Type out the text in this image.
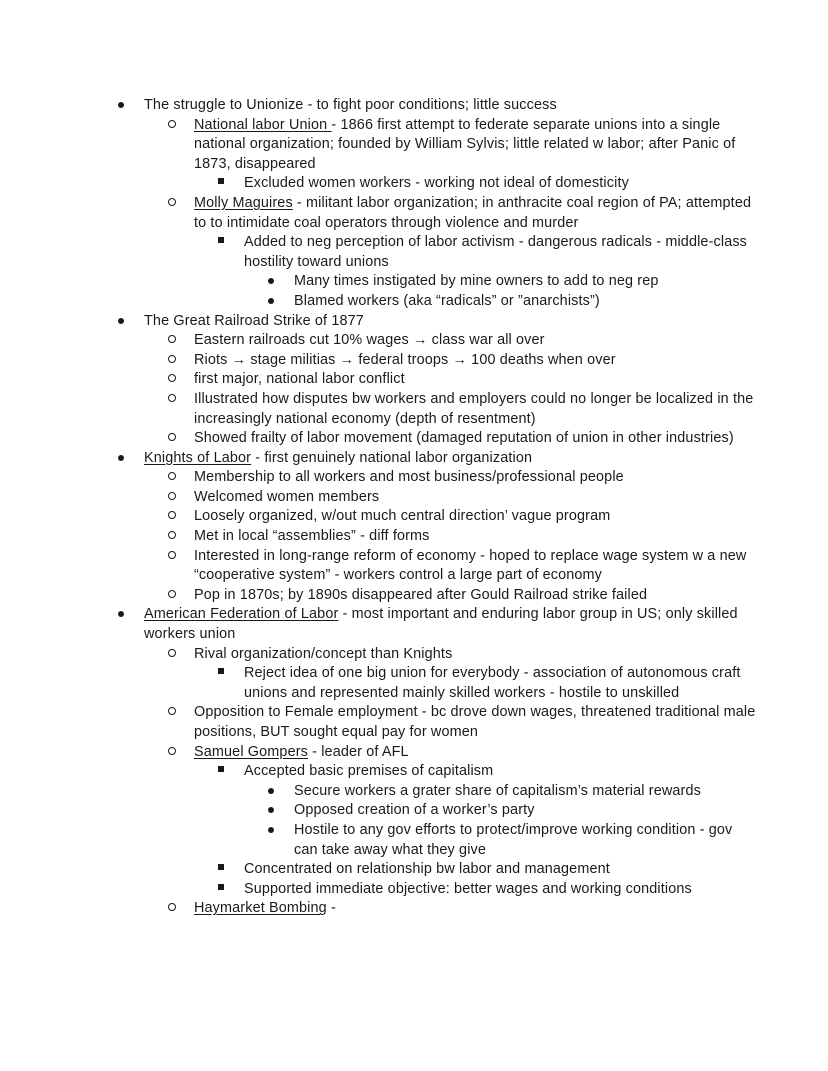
The struggle to Unionize - to fight poor conditions; little success
National labor Union - 1866 first attempt to federate separate unions into a single national organization; founded by William Sylvis; little related w labor; after Panic of 1873, disappeared
Excluded women workers - working not ideal of domesticity
Molly Maguires - militant labor organization; in anthracite coal region of PA; attempted to to intimidate coal operators through violence and murder
Added to neg perception of labor activism - dangerous radicals - middle-class hostility toward unions
Many times instigated by mine owners to add to neg rep
Blamed workers (aka “radicals” or ”anarchists”)
The Great Railroad Strike of 1877
Eastern railroads cut 10% wages → class war all over
Riots → stage militias → federal troops → 100 deaths when over
first major, national labor conflict
Illustrated how disputes bw workers and employers could no longer be localized in the increasingly national economy (depth of resentment)
Showed frailty of labor movement (damaged reputation of union in other industries)
Knights of Labor - first genuinely national labor organization
Membership to all workers and most business/professional people
Welcomed women members
Loosely organized, w/out much central direction’ vague program
Met in local “assemblies” - diff forms
Interested in long-range reform of economy - hoped to replace wage system w a new “cooperative system” - workers control a large part of economy
Pop in 1870s; by 1890s disappeared after Gould Railroad strike failed
American Federation of Labor - most important and enduring labor group in US; only skilled workers union
Rival organization/concept than Knights
Reject idea of one big union for everybody - association of autonomous craft unions and represented mainly skilled workers - hostile to unskilled
Opposition to Female employment - bc drove down wages, threatened traditional male positions, BUT sought equal pay for women
Samuel Gompers - leader of AFL
Accepted basic premises of capitalism
Secure workers a grater share of capitalism’s material rewards
Opposed creation of a worker’s party
Hostile to any gov efforts to protect/improve working condition - gov can take away what they give
Concentrated on relationship bw labor and management
Supported immediate objective: better wages and working conditions
Haymarket Bombing -
